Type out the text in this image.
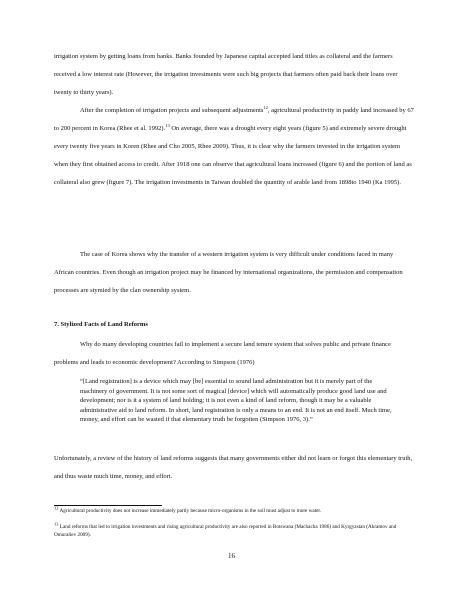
irrigation system by getting loans from banks. Banks founded by Japanese capital accepted land titles as collateral and the farmers received a low interest rate (However, the irrigation investments were such big projects that farmers often paid back their loans over twenty to thirty years).

After the completion of irrigation projects and subsequent adjustments$^{12}$, agricultural productivity in paddy land increased by 67 to 200 percent in Korea (Rhee et al. 1992).$^{13}$ On average, there was a drought every eight years (figure 5) and extremely severe drought every twenty five years in Koren (Rhee and Cho 2005, Rhee 2009). Thus, it is clear why the farmers invested in the irrigation system when they first obtained access to credit. After 1918 one can observe that agricultural loans increased (figure 6) and the portion of land as collateral also grew (figure 7). The irrigation investments in Taiwan doubled the quantity of arable land from 1898to 1940 (Ka 1995).

The case of Korea shows why the transfer of a western irrigation system is very difficult under conditions faced in many African countries. Even though an irrigation project may be financed by international organizations, the permission and compensation processes are stymied by the clan ownership system.

7. Stylized Facts of Land Reforms

Why do many developing countries fail to implement a secure land tenure system that solves public and private finance problems and leads to economic development? According to Simpson (1976)

“[Land registration] is a device which may [be] essential to sound land administration but it is merely part of the machinery of government. It is not some sort of magical [device] which will automatically produce good land use and development; nor is it a system of land holding; it is not even a kind of land reform, though it may be a valuable administrative aid to land reform. In short, land registration is only a means to an end. It is not an end itself. Much time, money, and effort can be wasted if that elementary truth be forgotten (Simpson 1976, 3).”

Unfortunately, a review of the history of land reforms suggests that many governments either did not learn or forgot this elementary truth, and thus waste much time, money, and effort.

$^{12}$ Agricultural productivity does not increase immediately partly because micro-organisms in the soil must adjust to more water.

$^{13}$ Land reforms that led to irrigation investments and rising agricultural productivity are also reported in Botswana (Machacha 1986) and Kyrgyzstan (Akramov and Omuraliev 2009).

16
